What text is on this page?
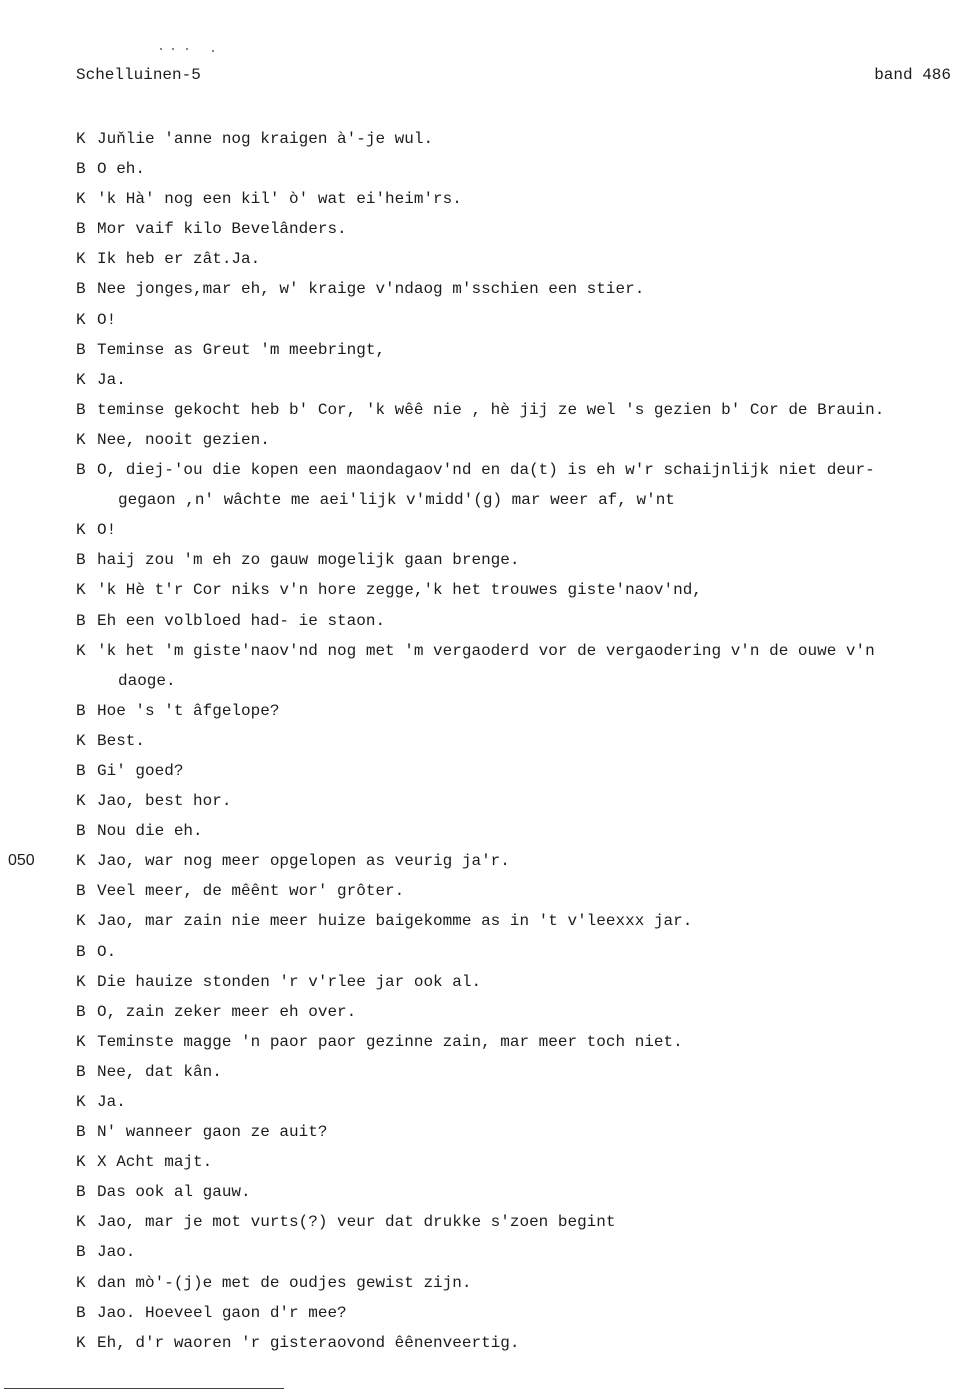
Schelluinen-5	band 486
K Juňlie 'anne nog kraigen à'-je wul.
B O eh.
K 'k Hà' nog een kil' ò' wat ei'heim'rs.
B Mor vaif kilo Bevelânders.
K Ik heb er zât.Ja.
B Nee jonges,mar eh, w' kraige v'ndaog m'sschien een stier.
K O!
B Teminse as Greut 'm meebringt,
K Ja.
B teminse gekocht heb b' Cor, 'k wêê nie , hè jij ze wel 's gezien b' Cor de Brauin.
K Nee, nooit gezien.
B O, diej-'ou die kopen een maondagaov'nd en da(t) is eh w'r schaijnlijk niet deur-
gegaon ,n' wâchte me aei'lijk v'midd'(g) mar weer af, w'nt
K O!
B haij zou 'm eh zo gauw mogelijk gaan brenge.
K 'k Hè t'r Cor niks v'n hore zegge,'k het trouwes giste'naov'nd,
B Eh een volbloed had- ie staon.
K 'k het 'm giste'naov'nd nog met 'm vergaoderd vor de vergaodering v'n de ouwe v'n
daoge.
B Hoe 's 't âfgelope?
K Best.
B Gi' goed?
K Jao, best hor.
B Nou die eh.
050	K Jao, war nog meer opgelopen as veurig ja'r.
B Veel meer, de mêênt wor' grôter.
K Jao, mar zain nie meer huize baigekomme as in 't v'leexxx jar.
B O.
K Die hauize stonden 'r v'rlee jar ook al.
B O, zain zeker meer eh over.
K Teminste magge 'n paor paor gezinne zain, mar meer toch niet.
B Nee, dat kân.
K Ja.
B N' wanneer gaon ze auit?
K X Acht majt.
B Das ook al gauw.
K Jao, mar je mot vurts(?) veur dat drukke s'zoen begint
B Jao.
K dan mò'-(j)e met de oudjes gewist zijn.
B Jao. Hoeveel gaon d'r mee?
K Eh, d'r waoren 'r gisteraovond êênenveertig.
